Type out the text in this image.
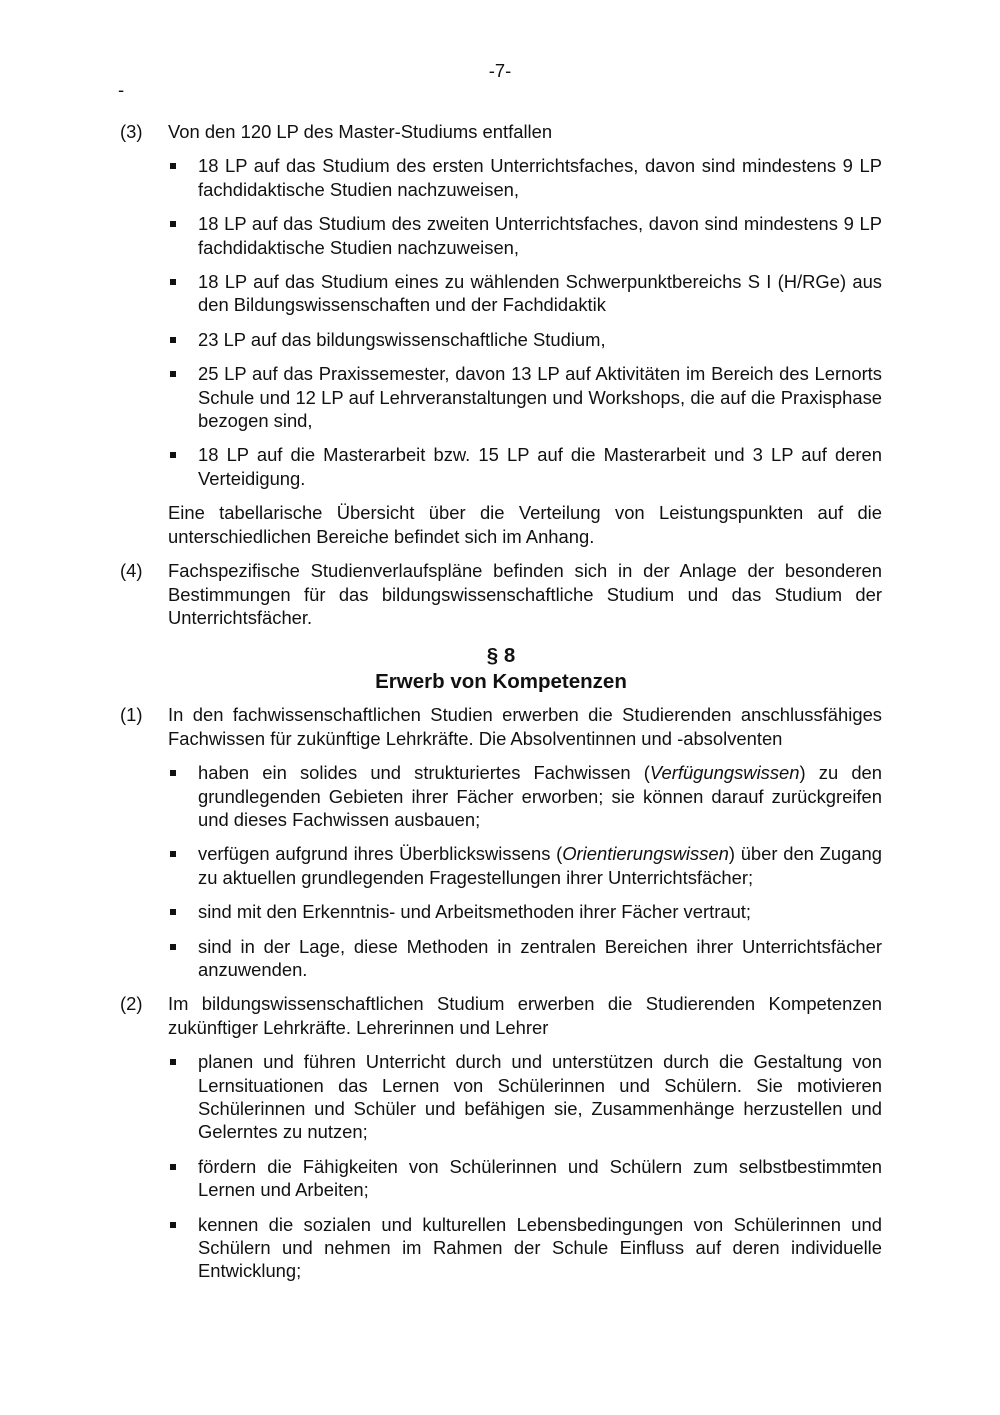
-7-
-
(3) Von den 120 LP des Master-Studiums entfallen
18 LP auf das Studium des ersten Unterrichtsfaches, davon sind mindestens 9 LP fachdidaktische Studien nachzuweisen,
18 LP auf das Studium des zweiten Unterrichtsfaches, davon sind mindestens 9 LP fachdidaktische Studien nachzuweisen,
18 LP auf das Studium eines zu wählenden Schwerpunktbereichs S I (H/RGe) aus den Bildungswissenschaften und der Fachdidaktik
23 LP auf das bildungswissenschaftliche Studium,
25 LP auf das Praxissemester, davon 13 LP auf Aktivitäten im Bereich des Lernorts Schule und 12 LP auf Lehrveranstaltungen und Workshops, die auf die Praxisphase bezogen sind,
18 LP auf die Masterarbeit bzw. 15 LP auf die Masterarbeit und 3 LP auf deren Verteidigung.
Eine tabellarische Übersicht über die Verteilung von Leistungspunkten auf die unterschiedlichen Bereiche befindet sich im Anhang.
(4) Fachspezifische Studienverlaufspläne befinden sich in der Anlage der besonderen Bestimmungen für das bildungswissenschaftliche Studium und das Studium der Unterrichtsfächer.
§ 8
Erwerb von Kompetenzen
(1) In den fachwissenschaftlichen Studien erwerben die Studierenden anschlussfähiges Fachwissen für zukünftige Lehrkräfte. Die Absolventinnen und ‑absolventen
haben ein solides und strukturiertes Fachwissen (Verfügungswissen) zu den grundlegenden Gebieten ihrer Fächer erworben; sie können darauf zurückgreifen und dieses Fachwissen ausbauen;
verfügen aufgrund ihres Überblickswissens (Orientierungswissen) über den Zugang zu aktuellen grundlegenden Fragestellungen ihrer Unterrichtsfächer;
sind mit den Erkenntnis- und Arbeitsmethoden ihrer Fächer vertraut;
sind in der Lage, diese Methoden in zentralen Bereichen ihrer Unterrichtsfächer anzuwenden.
(2) Im bildungswissenschaftlichen Studium erwerben die Studierenden Kompetenzen zukünftiger Lehrkräfte. Lehrerinnen und Lehrer
planen und führen Unterricht durch und unterstützen durch die Gestaltung von Lernsituationen das Lernen von Schülerinnen und Schülern. Sie motivieren Schülerinnen und Schüler und befähigen sie, Zusammenhänge herzustellen und Gelerntes zu nutzen;
fördern die Fähigkeiten von Schülerinnen und Schülern zum selbstbestimmten Lernen und Arbeiten;
kennen die sozialen und kulturellen Lebensbedingungen von Schülerinnen und Schülern und nehmen im Rahmen der Schule Einfluss auf deren individuelle Entwicklung;
